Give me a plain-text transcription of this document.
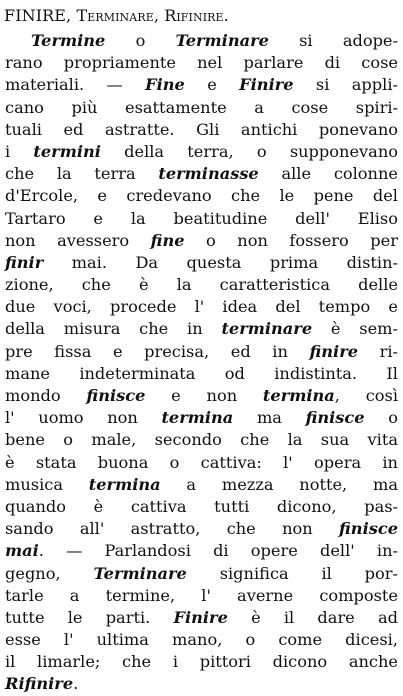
FINIRE, Terminare, Rifinire.
Termine o Terminare si adope-
rano propriamente nel parlare di cose
materiali. — Fine e Finire si appli-
cano più esattamente a cose spiri-
tuali ed astratte. Gli antichi ponevano
i termini della terra, o supponevano
che la terra terminasse alle colonne
d'Ercole, e credevano che le pene del
Tartaro e la beatitudine dell' Eliso
non avessero fine o non fossero per
finir mai. Da questa prima distin-
zione, che è la caratteristica delle
due voci, procede l' idea del tempo e
della misura che in terminare è sem-
pre fissa e precisa, ed in finire ri-
mane indeterminata od indistinta. Il
mondo finisce e non termina, così
l' uomo non termina ma finisce o
bene o male, secondo che la sua vita
è stata buona o cattiva: l' opera in
musica termina a mezza notte, ma
quando è cattiva tutti dicono, pas-
sando all' astratto, che non finisce
mai. — Parlandosi di opere dell' in-
gegno, Terminare significa il por-
tarle a termine, l' averne composte
tutte le parti. Finire è il dare ad
esse l' ultima mano, o come dicesi,
il limarle; che i pittori dicono anche
Rifinire.
